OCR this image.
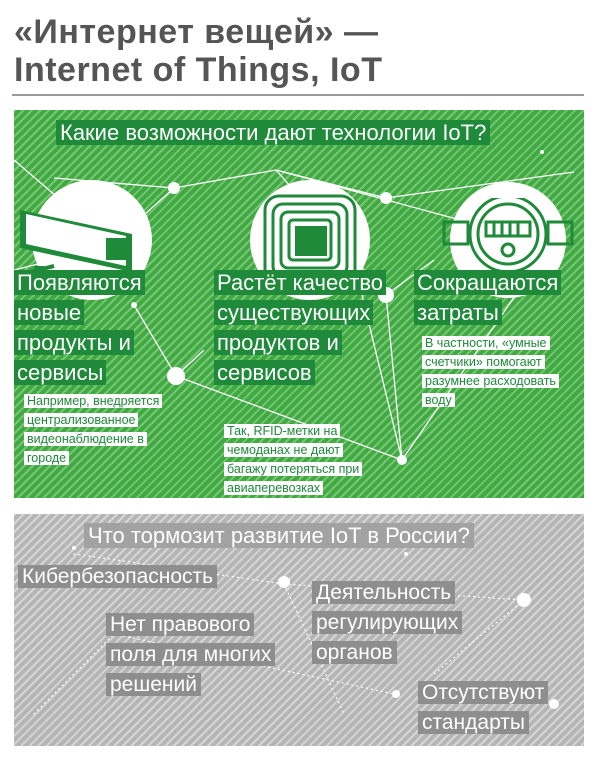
«Интернет вещей» —
Internet of Things, IoT
Какие возможности дают технологии IoT?
Появляются новые продукты и сервисы
Например, внедряется централизованное видеонаблюдение в городе
Растёт качество существующих продуктов и сервисов
Так, RFID-метки на чемоданах не дают багажу потеряться при авиаперевозках
Сокращаются затраты
В частности, «умные счетчики» помогают разумнее расходовать воду
Что тормозит развитие IoT в России?
Кибербезопасность
Нет правового поля для многих решений
Деятельность регулирующих органов
Отсутствуют стандарты
